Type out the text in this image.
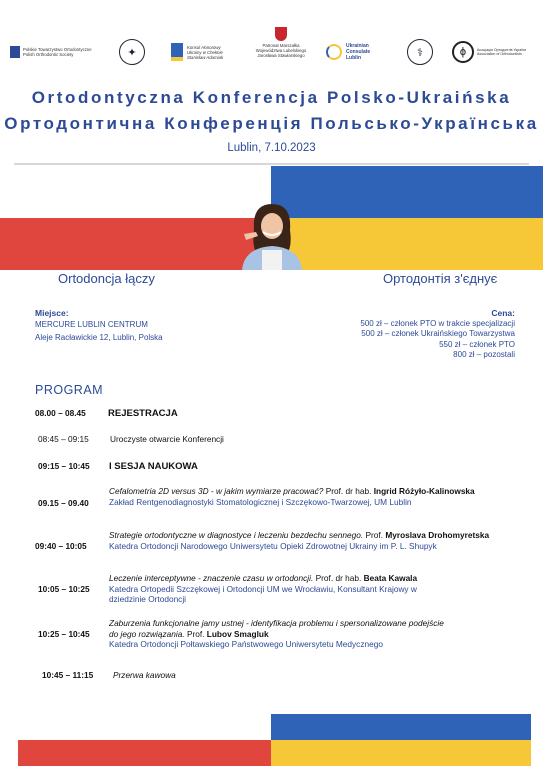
Polskie Towarzystwo Ortodontyczne
Polish Orthodontic Society	✦	Konsul Honorowy
Ukrainy w Chełmie
Stanisław Adamiak
Patronat Marszałka
Województwa Lubelskiego
Jarosława Stawiarskiego
Ukrainian
Consulate
Lublin	⚕	ϕ	Асоціація Ортодонтів України
Association of Orthodontists
Ortodontyczna Konferencja Polsko-Ukraińska
Ортодонтична Конференція Польсько-Українська
Lublin, 7.10.2023
Ortodoncja łączy	Ортодонтія з'єднує
Miejsce:
MERCURE LUBLIN CENTRUM
Aleje Racławickie 12, Lublin, Polska
Cena:
500 zł – członek PTO w trakcie specjalizacji
500 zł – członek Ukraińskiego Towarzystwa
550 zł – członek PTO
800 zł – pozostali
PROGRAM
08.00 – 08.45 REJESTRACJA
08:45 – 09:15	Uroczyste otwarcie Konferencji
09:15 – 10:45 I SESJA NAUKOWA
09.15 – 09.40
Cefalometria 2D versus 3D - w jakim wymiarze pracować? Prof. dr hab. Ingrid Różyło-Kalinowska
Zakład Rentgenodiagnostyki Stomatologicznej i Szczękowo-Twarzowej, UM Lublin
09:40 – 10:05
Strategie ortodontyczne w diagnostyce i leczeniu bezdechu sennego. Prof. Myroslava Drohomyretska
Katedra Ortodoncji Narodowego Uniwersytetu Opieki Zdrowotnej Ukrainy im P. L. Shupyk
10:05 – 10:25
Leczenie interceptywne - znaczenie czasu w ortodoncji. Prof. dr hab. Beata Kawala
Katedra Ortopedii Szczękowej i Ortodoncji UM we Wrocławiu, Konsultant Krajowy w
dziedzinie Ortodoncji
10:25 – 10:45
Zaburzenia funkcjonalne jamy ustnej - identyfikacja problemu i spersonalizowane podejście
do jego rozwiązania. Prof. Lubov Smagluk
Katedra Ortodoncji Połtawskiego Państwowego Uniwersytetu Medycznego
10:45 – 11:15 Przerwa kawowa
